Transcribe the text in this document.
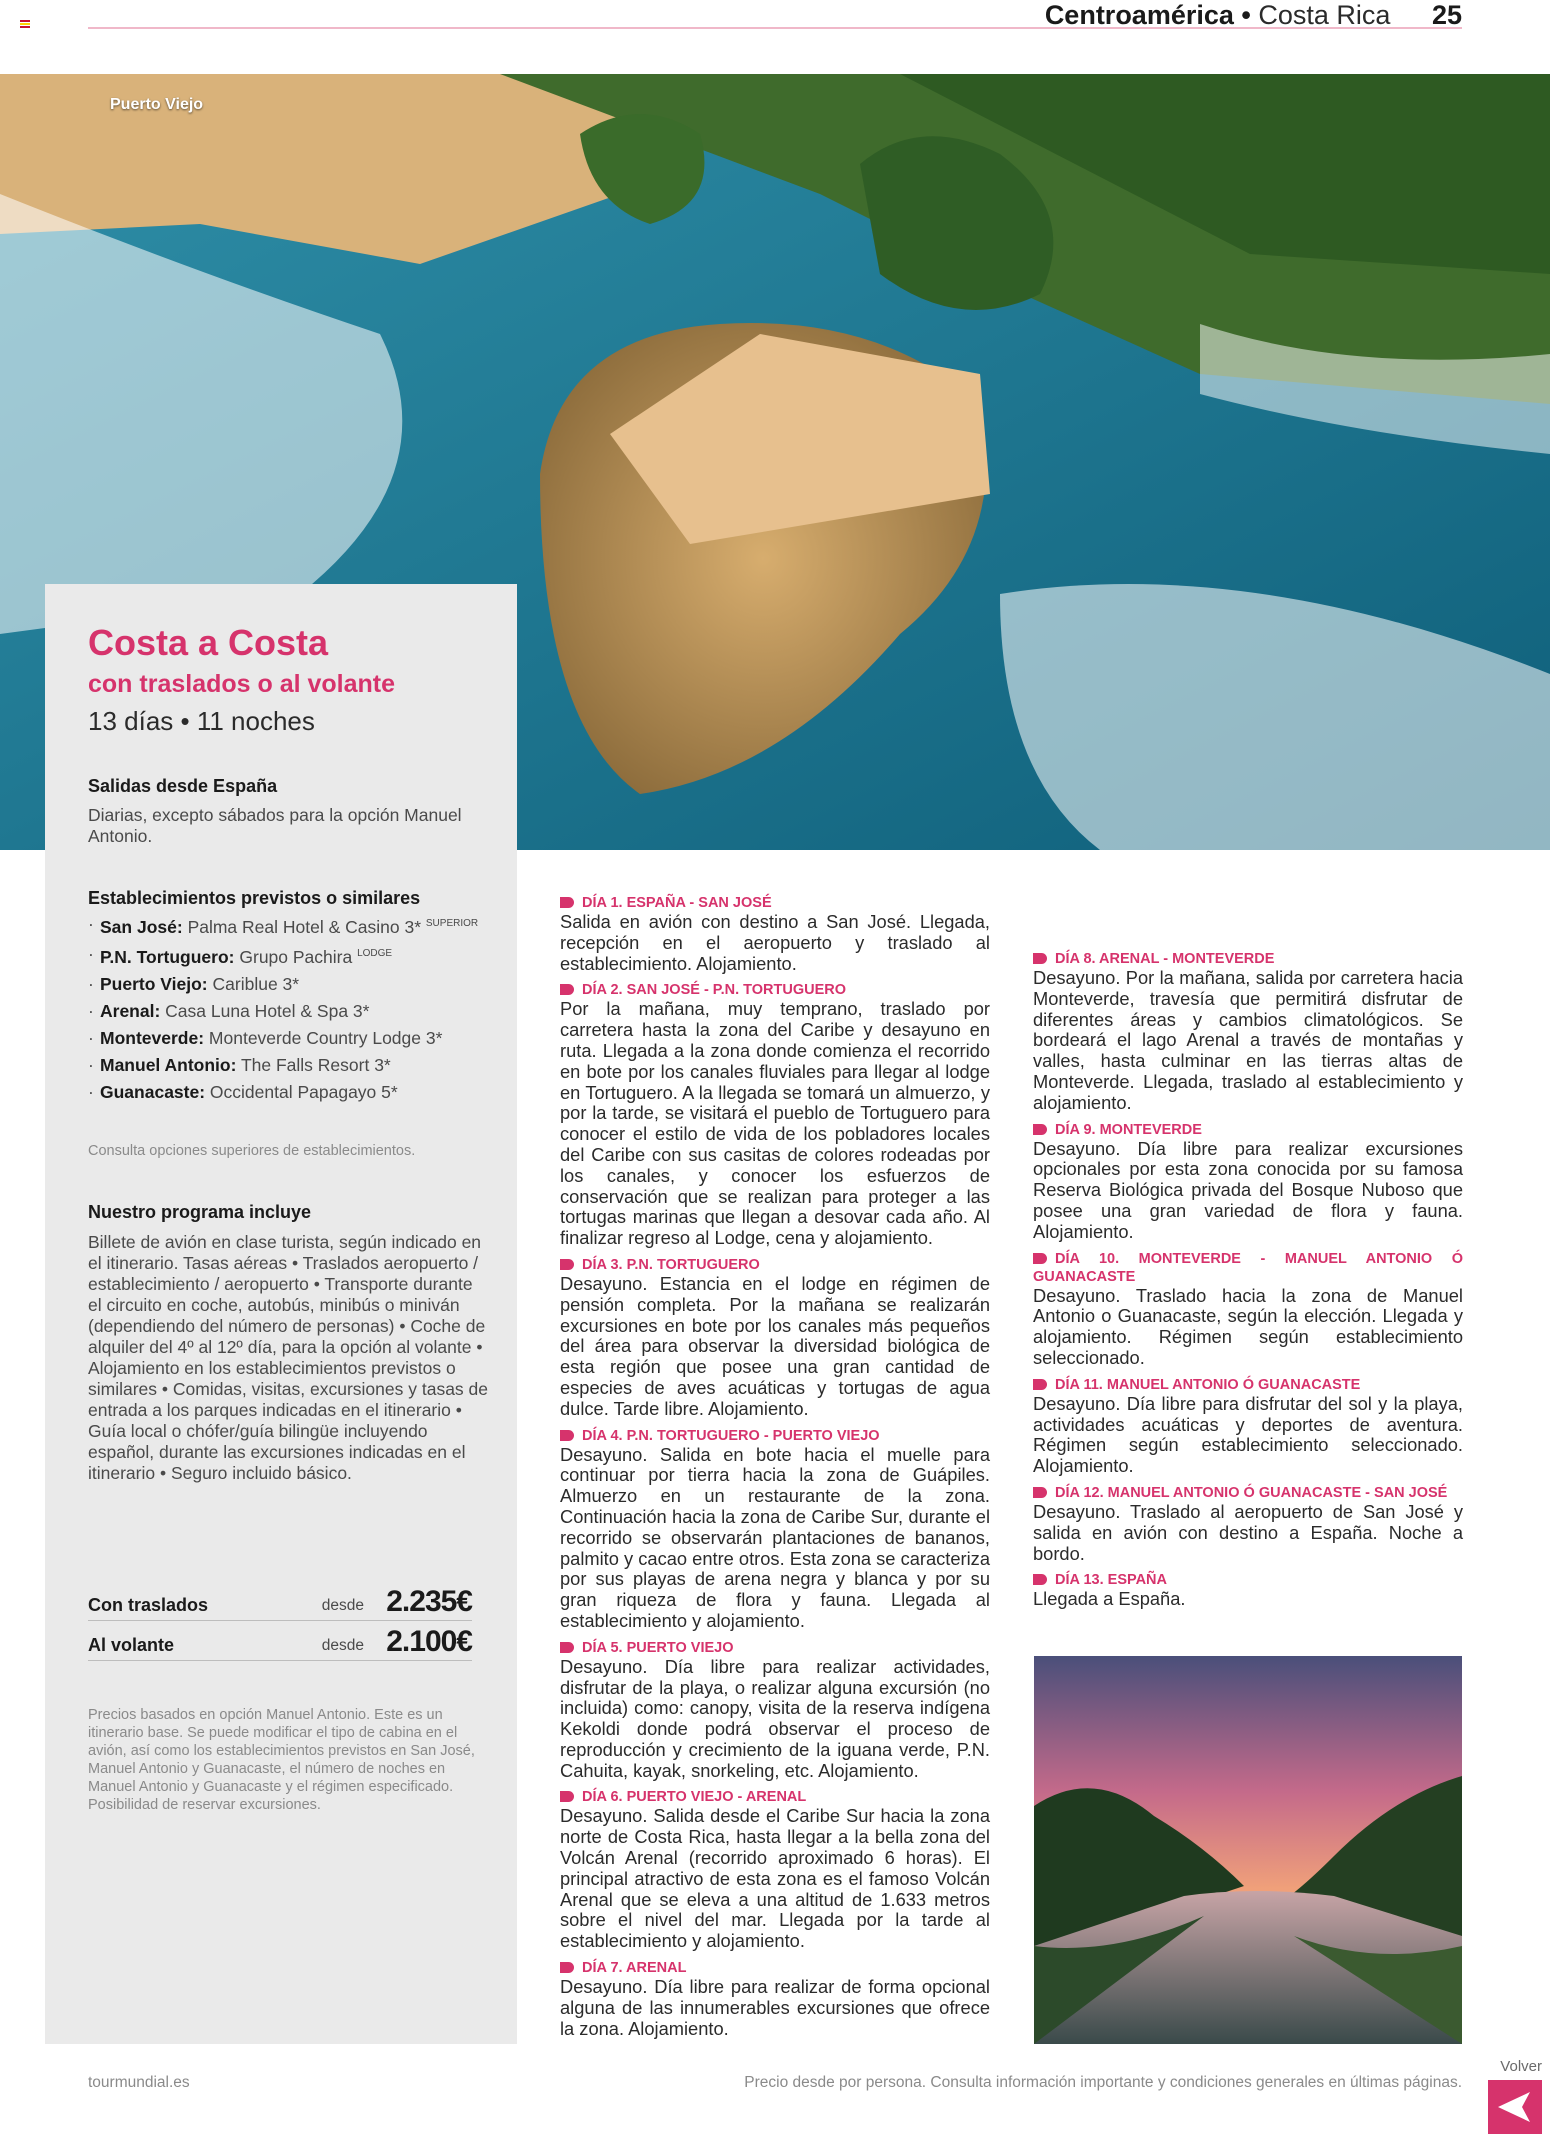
Centroamérica • Costa Rica 25
Puerto Viejo
Costa a Costa
con traslados o al volante
13 días • 11 noches
Salidas desde España
Diarias, excepto sábados para la opción Manuel Antonio.
Establecimientos previstos o similares
· San José: Palma Real Hotel & Casino 3* $^{SUPERIOR}$
· P.N. Tortuguero: Grupo Pachira $^{LODGE}$
· Puerto Viejo: Cariblue 3*
· Arenal: Casa Luna Hotel & Spa 3*
· Monteverde: Monteverde Country Lodge 3*
· Manuel Antonio: The Falls Resort 3*
· Guanacaste: Occidental Papagayo 5*
Consulta opciones superiores de establecimientos.
Nuestro programa incluye
Billete de avión en clase turista, según indicado en el itinerario. Tasas aéreas • Traslados aeropuerto / establecimiento / aeropuerto • Transporte durante el circuito en coche, autobús, minibús o miniván (dependiendo del número de personas) • Coche de alquiler del 4º al 12º día, para la opción al volante • Alojamiento en los establecimientos previstos o similares • Comidas, visitas, excursiones y tasas de entrada a los parques indicadas en el itinerario • Guía local o chófer/guía bilingüe incluyendo español, durante las excursiones indicadas en el itinerario • Seguro incluido básico.
Con traslados	desde 2.235€
Al volante	desde 2.100€
Precios basados en opción Manuel Antonio. Este es un itinerario base. Se puede modificar el tipo de cabina en el avión, así como los establecimientos previstos en San José, Manuel Antonio y Guanacaste, el número de noches en Manuel Antonio y Guanacaste y el régimen especificado. Posibilidad de reservar excursiones.

DÍA 1. ESPAÑA - SAN JOSÉ
Salida en avión con destino a San José. Llegada, recepción en el aeropuerto y traslado al establecimiento. Alojamiento.

DÍA 2. SAN JOSÉ - P.N. TORTUGUERO
Por la mañana, muy temprano, traslado por carretera hasta la zona del Caribe y desayuno en ruta. Llegada a la zona donde comienza el recorrido en bote por los canales fluviales para llegar al lodge en Tortuguero. A la llegada se tomará un almuerzo, y por la tarde, se visitará el pueblo de Tortuguero para conocer el estilo de vida de los pobladores locales del Caribe con sus casitas de colores rodeadas por los canales, y conocer los esfuerzos de conservación que se realizan para proteger a las tortugas marinas que llegan a desovar cada año. Al finalizar regreso al Lodge, cena y alojamiento.

DÍA 3. P.N. TORTUGUERO
Desayuno. Estancia en el lodge en régimen de pensión completa. Por la mañana se realizarán excursiones en bote por los canales más pequeños del área para observar la diversidad biológica de esta región que posee una gran cantidad de especies de aves acuáticas y tortugas de agua dulce. Tarde libre. Alojamiento.

DÍA 4. P.N. TORTUGUERO - PUERTO VIEJO
Desayuno. Salida en bote hacia el muelle para continuar por tierra hacia la zona de Guápiles. Almuerzo en un restaurante de la zona. Continuación hacia la zona de Caribe Sur, durante el recorrido se observarán plantaciones de bananos, palmito y cacao entre otros. Esta zona se caracteriza por sus playas de arena negra y blanca y por su gran riqueza de flora y fauna. Llegada al establecimiento y alojamiento.

DÍA 5. PUERTO VIEJO
Desayuno. Día libre para realizar actividades, disfrutar de la playa, o realizar alguna excursión (no incluida) como: canopy, visita de la reserva indígena Kekoldi donde podrá observar el proceso de reproducción y crecimiento de la iguana verde, P.N. Cahuita, kayak, snorkeling, etc. Alojamiento.

DÍA 6. PUERTO VIEJO - ARENAL
Desayuno. Salida desde el Caribe Sur hacia la zona norte de Costa Rica, hasta llegar a la bella zona del Volcán Arenal (recorrido aproximado 6 horas). El principal atractivo de esta zona es el famoso Volcán Arenal que se eleva a una altitud de 1.633 metros sobre el nivel del mar. Llegada por la tarde al establecimiento y alojamiento.

DÍA 7. ARENAL
Desayuno. Día libre para realizar de forma opcional alguna de las innumerables excursiones que ofrece la zona. Alojamiento.

DÍA 8. ARENAL - MONTEVERDE
Desayuno. Por la mañana, salida por carretera hacia Monteverde, travesía que permitirá disfrutar de diferentes áreas y cambios climatológicos. Se bordeará el lago Arenal a través de montañas y valles, hasta culminar en las tierras altas de Monteverde. Llegada, traslado al establecimiento y alojamiento.

DÍA 9. MONTEVERDE
Desayuno. Día libre para realizar excursiones opcionales por esta zona conocida por su famosa Reserva Biológica privada del Bosque Nuboso que posee una gran variedad de flora y fauna. Alojamiento.

DÍA 10. MONTEVERDE - MANUEL ANTONIO Ó GUANACASTE
Desayuno. Traslado hacia la zona de Manuel Antonio o Guanacaste, según la elección. Llegada y alojamiento. Régimen según establecimiento seleccionado.

DÍA 11. MANUEL ANTONIO Ó GUANACASTE
Desayuno. Día libre para disfrutar del sol y la playa, actividades acuáticas y deportes de aventura. Régimen según establecimiento seleccionado. Alojamiento.

DÍA 12. MANUEL ANTONIO Ó GUANACASTE - SAN JOSÉ
Desayuno. Traslado al aeropuerto de San José y salida en avión con destino a España. Noche a bordo.

DÍA 13. ESPAÑA
Llegada a España.

tourmundial.es	Precio desde por persona. Consulta información importante y condiciones generales en últimas páginas.
Volver
